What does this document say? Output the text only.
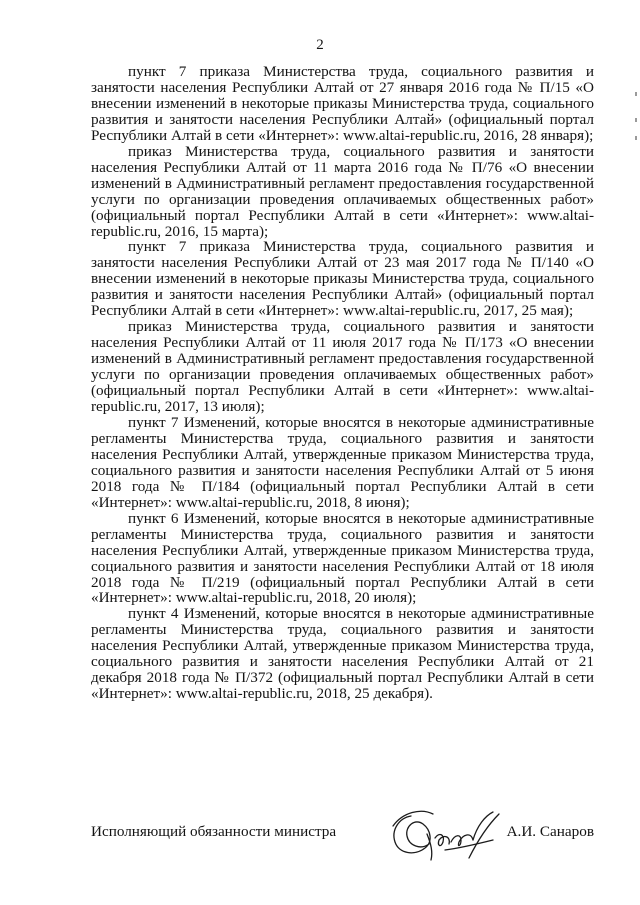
2

пункт 7 приказа Министерства труда, социального развития и занятости населения Республики Алтай от 27 января 2016 года № П/15 «О внесении изменений в некоторые приказы Министерства труда, социального развития и занятости населения Республики Алтай» (официальный портал Республики Алтай в сети «Интернет»: www.altai-republic.ru, 2016, 28 января);

приказ Министерства труда, социального развития и занятости населения Республики Алтай от 11 марта 2016 года № П/76 «О внесении изменений в Административный регламент предоставления государственной услуги по организации проведения оплачиваемых общественных работ» (официальный портал Республики Алтай в сети «Интернет»: www.altai-republic.ru, 2016, 15 марта);

пункт 7 приказа Министерства труда, социального развития и занятости населения Республики Алтай от 23 мая 2017 года № П/140 «О внесении изменений в некоторые приказы Министерства труда, социального развития и занятости населения Республики Алтай» (официальный портал Республики Алтай в сети «Интернет»: www.altai-republic.ru, 2017, 25 мая);

приказ Министерства труда, социального развития и занятости населения Республики Алтай от 11 июля 2017 года № П/173 «О внесении изменений в Административный регламент предоставления государственной услуги по организации проведения оплачиваемых общественных работ» (официальный портал Республики Алтай в сети «Интернет»: www.altai-republic.ru, 2017, 13 июля);

пункт 7 Изменений, которые вносятся в некоторые административные регламенты Министерства труда, социального развития и занятости населения Республики Алтай, утвержденные приказом Министерства труда, социального развития и занятости населения Республики Алтай от 5 июня 2018 года № П/184 (официальный портал Республики Алтай в сети «Интернет»: www.altai-republic.ru, 2018, 8 июня);

пункт 6 Изменений, которые вносятся в некоторые административные регламенты Министерства труда, социального развития и занятости населения Республики Алтай, утвержденные приказом Министерства труда, социального развития и занятости населения Республики Алтай от 18 июля 2018 года № П/219 (официальный портал Республики Алтай в сети «Интернет»: www.altai-republic.ru, 2018, 20 июля);

пункт 4 Изменений, которые вносятся в некоторые административные регламенты Министерства труда, социального развития и занятости населения Республики Алтай, утвержденные приказом Министерства труда, социального развития и занятости населения Республики Алтай от 21 декабря 2018 года № П/372 (официальный портал Республики Алтай в сети «Интернет»: www.altai-republic.ru, 2018, 25 декабря).

Исполняющий обязанности министра	А.И. Санаров
